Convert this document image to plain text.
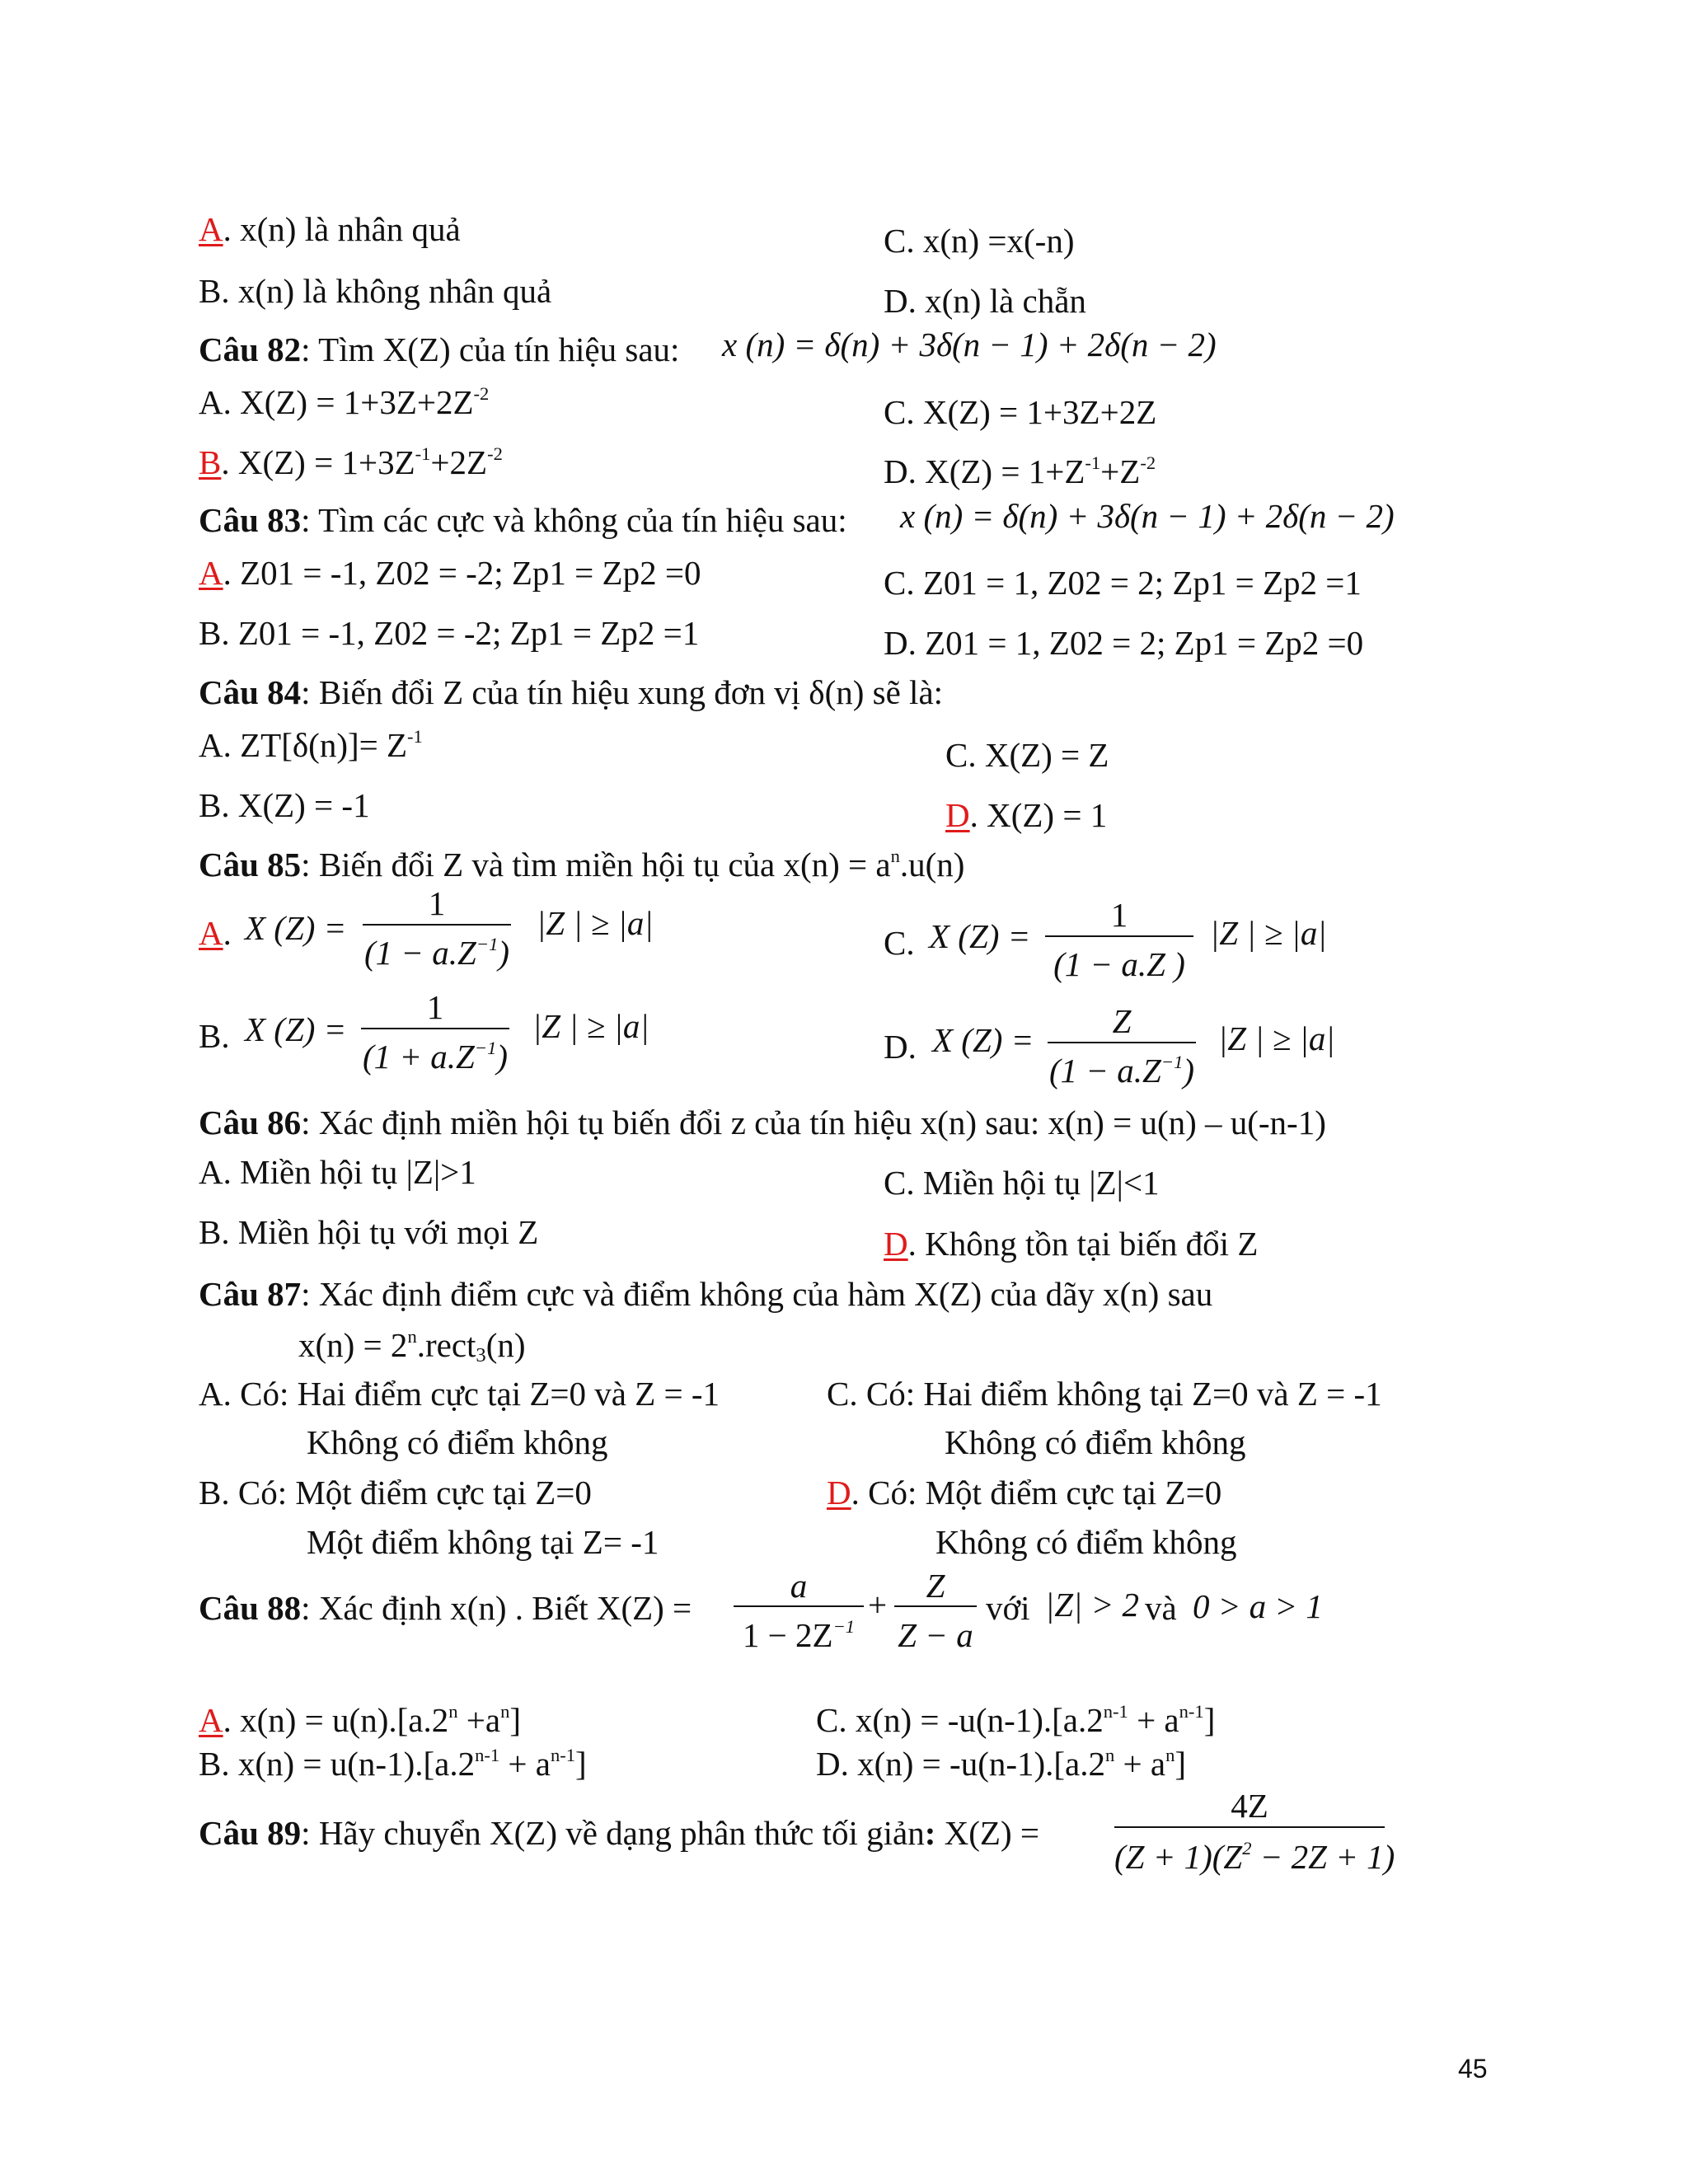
A. x(n) là nhân quả	C. x(n) =x(-n)
B. x(n) là không nhân quả	D. x(n) là chẵn
Câu 82: Tìm X(Z) của tín hiệu sau: x (n) = δ(n) + 3δ(n − 1) + 2δ(n − 2)
A. $X(Z) = 1+3Z+2Z^{-2}$	C. X(Z) = 1+3Z+2Z
B. $X(Z) = 1+3Z^{-1}+2Z^{-2}$	D. $X(Z) = 1+Z^{-1}+Z^{-2}$
Câu 83: Tìm các cực và không của tín hiệu sau: x (n) = δ(n) + 3δ(n − 1) + 2δ(n − 2)
A. Z01 = -1, Z02 = -2; Zp1 = Zp2 =0	C. Z01 = 1, Z02 = 2; Zp1 = Zp2 =1
B. Z01 = -1, Z02 = -2; Zp1 = Zp2 =1	D. Z01 = 1, Z02 = 2; Zp1 = Zp2 =0
Câu 84: Biến đổi Z của tín hiệu xung đơn vị δ(n) sẽ là:
A. $ZT[\delta(n)]= Z^{-1}$	C. X(Z) = Z
B. X(Z) = -1	D. X(Z) = 1
Câu 85: Biến đổi Z và tìm miền hội tụ của $x(n) = a^n.u(n)$
A. X (Z) =
1
$(1 - a.Z^{-1})$
|Z | ≥ |a|
C. X (Z) =
1
(1 − a.Z )
|Z | ≥ |a|
B. X (Z) =
1
$(1 + a.Z^{-1})$
|Z | ≥ |a|
D. X (Z) =	Z
$(1 - a.Z^{-1})$
|Z | ≥ |a|
Câu 86: Xác định miền hội tụ biến đổi z của tín hiệu x(n) sau: x(n) = u(n) – u(-n-1)
A. Miền hội tụ |Z|>1	C. Miền hội tụ |Z|<1
B. Miền hội tụ với mọi Z	D. Không tồn tại biến đổi Z
Câu 87: Xác định điểm cực và điểm không của hàm X(Z) của dãy x(n) sau
$x(n) = 2^n.rect_3(n)$
A. Có: Hai điểm cực tại Z=0 và Z = -1
Không có điểm không
C. Có: Hai điểm không tại Z=0 và Z = -1
Không có điểm không
B. Có: Một điểm cực tại Z=0
Một điểm không tại Z= -1
D. Có: Một điểm cực tại Z=0
Không có điểm không
Câu 88: Xác định x(n) . Biết X(Z) =
a
$1 - 2Z^{-1}$
+	Z
Z − a
với |Z| > 2 và 0 > a > 1
A. $x(n) = u(n).[a.2^n +a^n]$	C. $x(n) = -u(n-1).[a.2^{n-1} + a^{n-1}]$
B. $x(n) = u(n-1).[a.2^{n-1} + a^{n-1}]$	D. $x(n) = -u(n-1).[a.2^n + a^n]$
Câu 89: Hãy chuyển X(Z) về dạng phân thức tối giản: X(Z) =
4Z
$(Z + 1)(Z^2 - 2Z + 1)$
45
